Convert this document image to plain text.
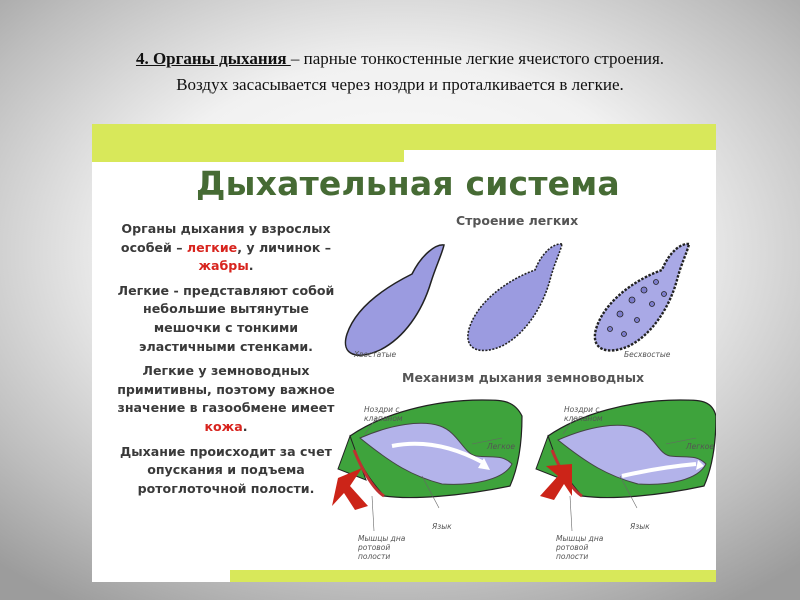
4. Органы дыхания – парные тонкостенные легкие ячеистого строения.
Воздух засасывается через ноздри и проталкивается в легкие.
Дыхательная система

Органы дыхания у взрослых особей – легкие, у личинок – жабры.

Легкие - представляют собой небольшие вытянутые мешочки с тонкими эластичными стенками.

Легкие у земноводных примитивны, поэтому важное значение в газообмене имеет кожа.

Дыхание происходит за счет опускания и подъема ротоглоточной полости.

Строение легких
Механизм дыхания земноводных
Хвостатые	Бесхвостые
Ноздри с клапаном
Легкое
Язык
Мышцы дна ротовой полости
Ноздри с клапаном
Легкое
Язык
Мышцы дна ротовой полости
